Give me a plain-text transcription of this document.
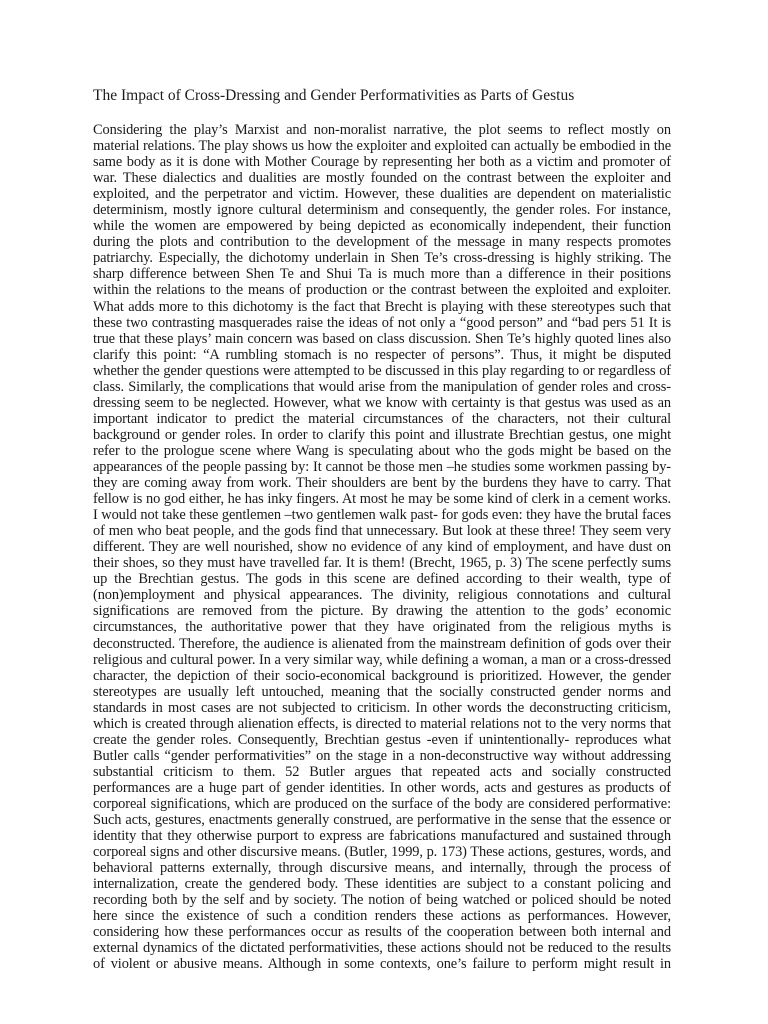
The Impact of Cross-Dressing and Gender Performativities as Parts of Gestus
Considering the play’s Marxist and non-moralist narrative, the plot seems to reflect mostly on
material relations. The play shows us how the exploiter and exploited can actually be embodied in the
same body as it is done with Mother Courage by representing her both as a victim and promoter of
war. These dialectics and dualities are mostly founded on the contrast between the exploiter and
exploited, and the perpetrator and victim. However, these dualities are dependent on materialistic
determinism, mostly ignore cultural determinism and consequently, the gender roles. For instance,
while the women are empowered by being depicted as economically independent, their function
during the plots and contribution to the development of the message in many respects promotes
patriarchy. Especially, the dichotomy underlain in Shen Te’s cross-dressing is highly striking. The
sharp difference between Shen Te and Shui Ta is much more than a difference in their positions
within the relations to the means of production or the contrast between the exploited and exploiter.
What adds more to this dichotomy is the fact that Brecht is playing with these stereotypes such that
these two contrasting masquerades raise the ideas of not only a “good person” and “bad pers 51 It is
true that these plays’ main concern was based on class discussion. Shen Te’s highly quoted lines also
clarify this point: “A rumbling stomach is no respecter of persons”. Thus, it might be disputed
whether the gender questions were attempted to be discussed in this play regarding to or regardless of
class. Similarly, the complications that would arise from the manipulation of gender roles and cross-
dressing seem to be neglected. However, what we know with certainty is that gestus was used as an
important indicator to predict the material circumstances of the characters, not their cultural
background or gender roles. In order to clarify this point and illustrate Brechtian gestus, one might
refer to the prologue scene where Wang is speculating about who the gods might be based on the
appearances of the people passing by: It cannot be those men –he studies some workmen passing by-
they are coming away from work. Their shoulders are bent by the burdens they have to carry. That
fellow is no god either, he has inky fingers. At most he may be some kind of clerk in a cement works.
I would not take these gentlemen –two gentlemen walk past- for gods even: they have the brutal faces
of men who beat people, and the gods find that unnecessary. But look at these three! They seem very
different. They are well nourished, show no evidence of any kind of employment, and have dust on
their shoes, so they must have travelled far. It is them! (Brecht, 1965, p. 3) The scene perfectly sums
up the Brechtian gestus. The gods in this scene are defined according to their wealth, type of
(non)employment and physical appearances. The divinity, religious connotations and cultural
significations are removed from the picture. By drawing the attention to the gods’ economic
circumstances, the authoritative power that they have originated from the religious myths is
deconstructed. Therefore, the audience is alienated from the mainstream definition of gods over their
religious and cultural power. In a very similar way, while defining a woman, a man or a cross-dressed
character, the depiction of their socio-economical background is prioritized. However, the gender
stereotypes are usually left untouched, meaning that the socially constructed gender norms and
standards in most cases are not subjected to criticism. In other words the deconstructing criticism,
which is created through alienation effects, is directed to material relations not to the very norms that
create the gender roles. Consequently, Brechtian gestus -even if unintentionally- reproduces what
Butler calls “gender performativities” on the stage in a non-deconstructive way without addressing
substantial criticism to them. 52 Butler argues that repeated acts and socially constructed
performances are a huge part of gender identities. In other words, acts and gestures as products of
corporeal significations, which are produced on the surface of the body are considered performative:
Such acts, gestures, enactments generally construed, are performative in the sense that the essence or
identity that they otherwise purport to express are fabrications manufactured and sustained through
corporeal signs and other discursive means. (Butler, 1999, p. 173) These actions, gestures, words, and
behavioral patterns externally, through discursive means, and internally, through the process of
internalization, create the gendered body. These identities are subject to a constant policing and
recording both by the self and by society. The notion of being watched or policed should be noted
here since the existence of such a condition renders these actions as performances. However,
considering how these performances occur as results of the cooperation between both internal and
external dynamics of the dictated performativities, these actions should not be reduced to the results
of violent or abusive means. Although in some contexts, one’s failure to perform might result in
